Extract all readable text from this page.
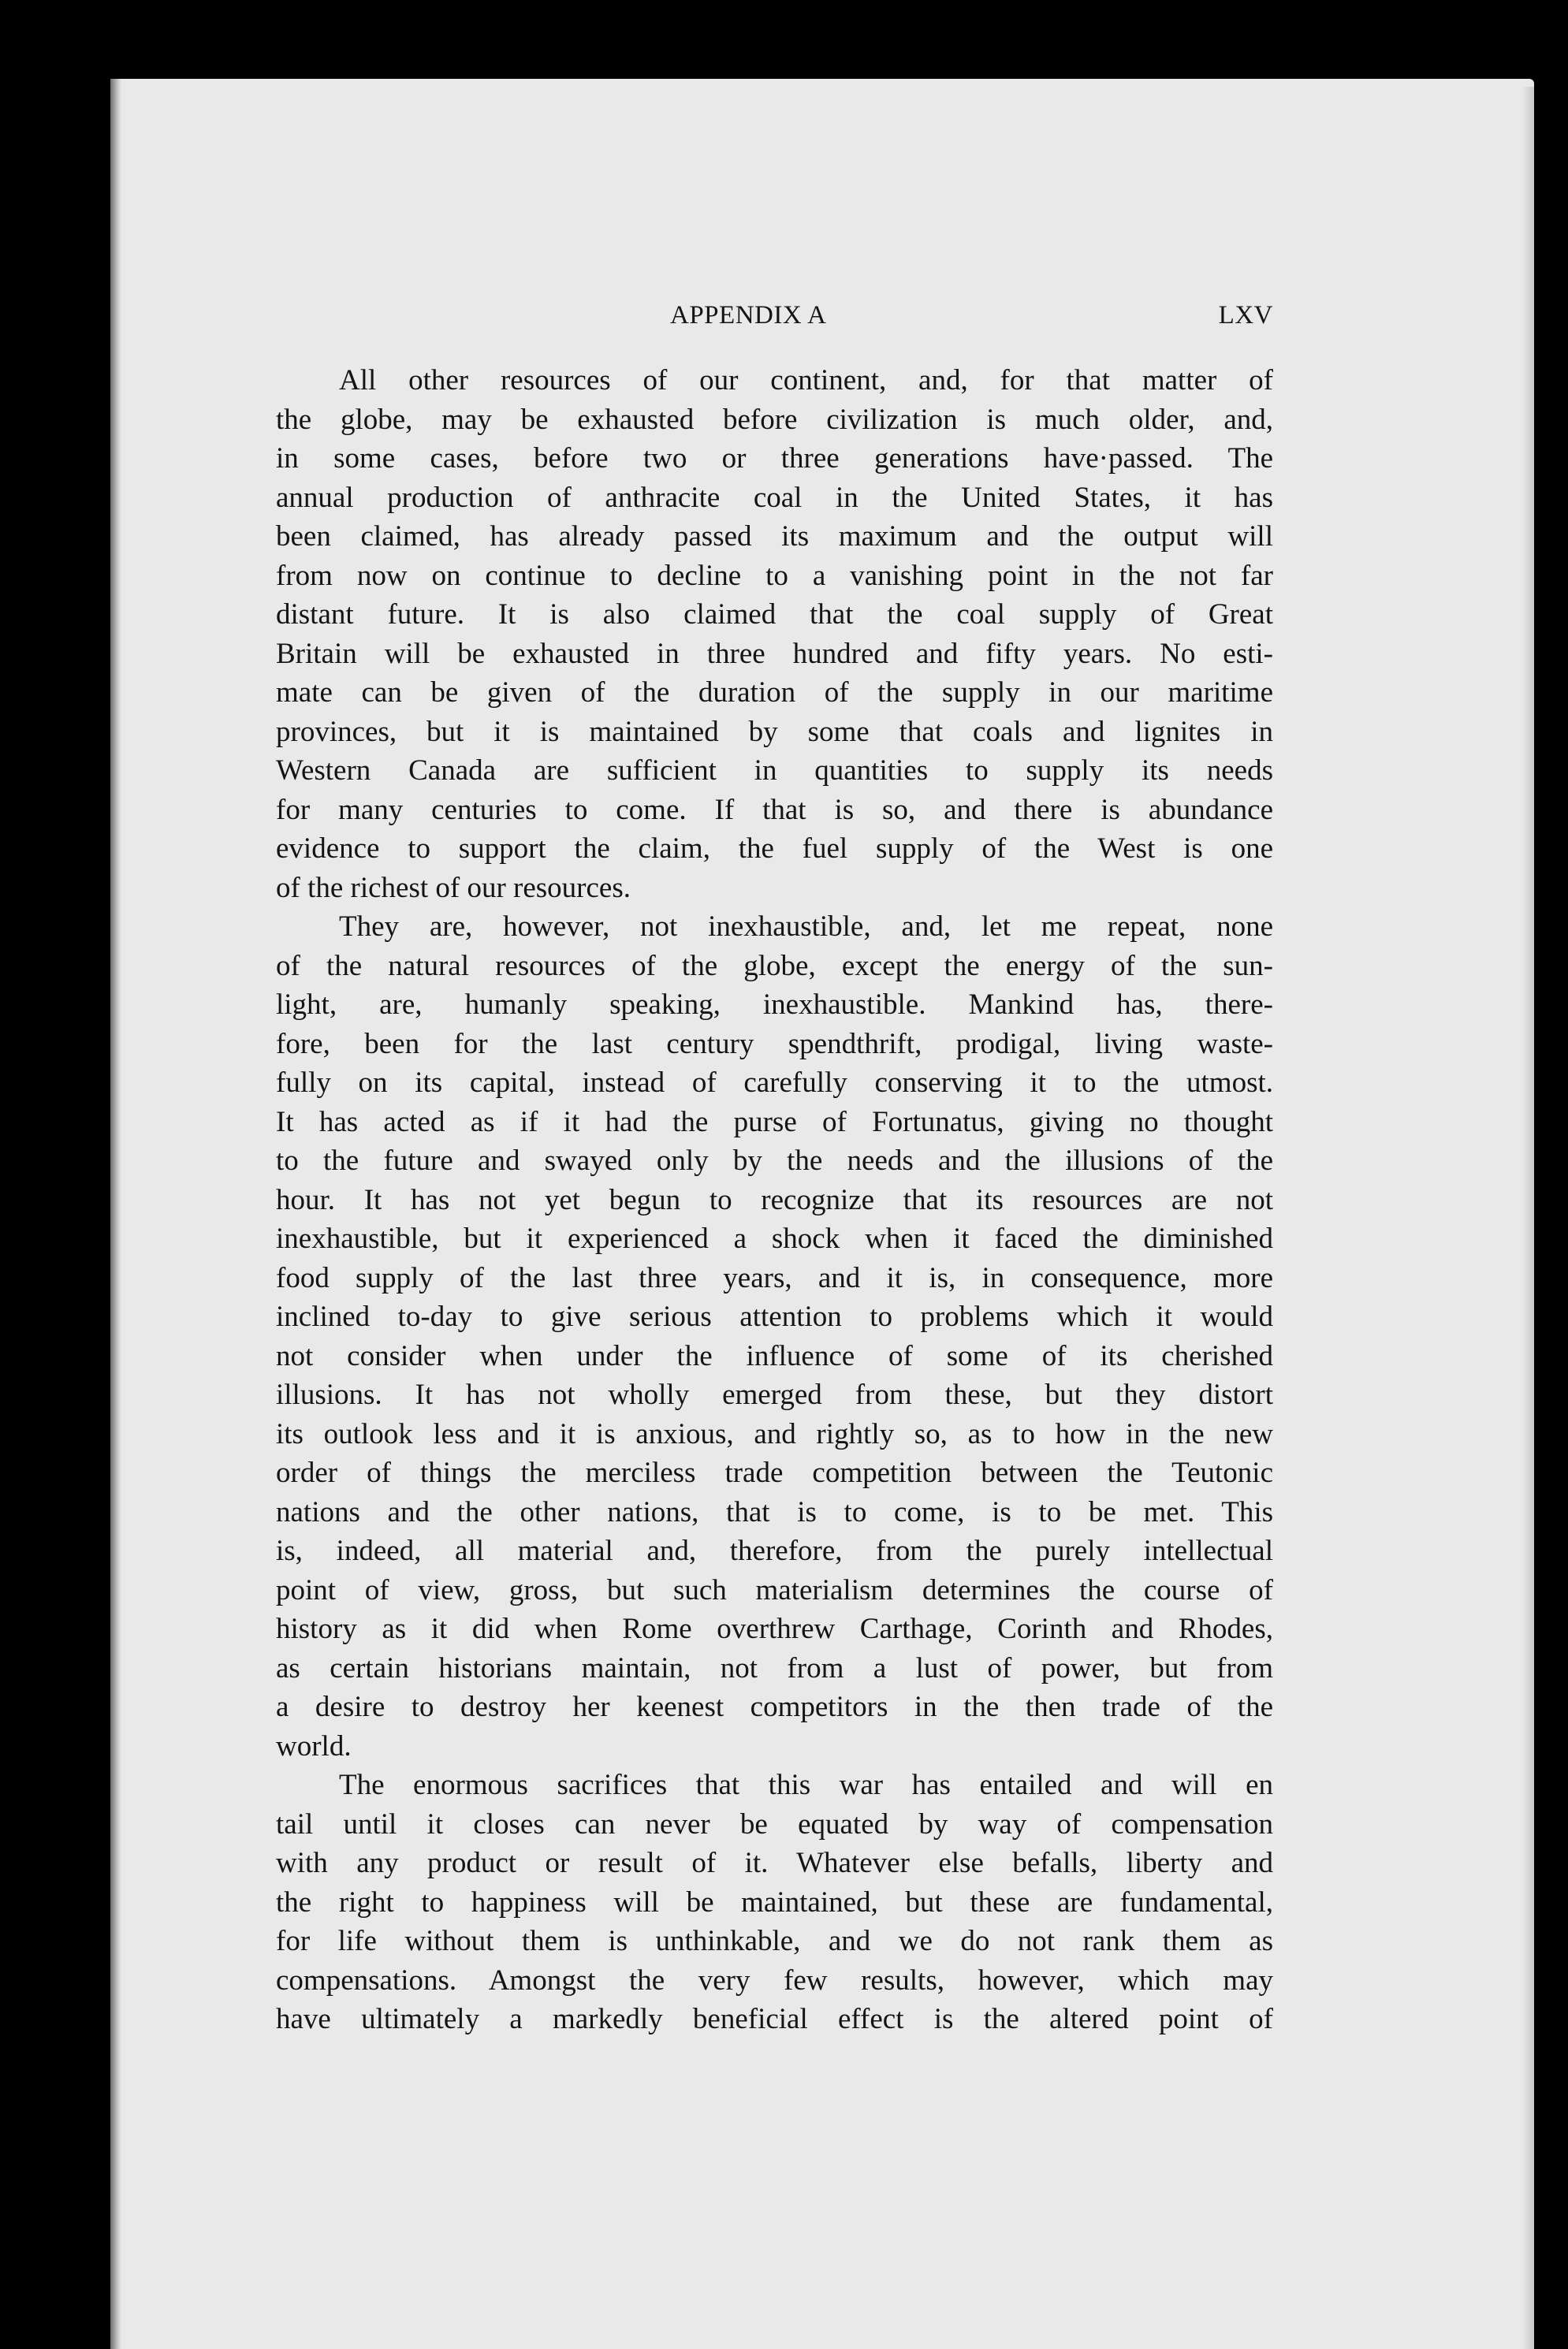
APPENDIX A	LXV

All other resources of our continent, and, for that matter of
the globe, may be exhausted before civilization is much older, and,
in some cases, before two or three generations have·passed. The
annual production of anthracite coal in the United States, it has
been claimed, has already passed its maximum and the output will
from now on continue to decline to a vanishing point in the not far
distant future. It is also claimed that the coal supply of Great
Britain will be exhausted in three hundred and fifty years. No esti-
mate can be given of the duration of the supply in our maritime
provinces, but it is maintained by some that coals and lignites in
Western Canada are sufficient in quantities to supply its needs
for many centuries to come. If that is so, and there is abundance
evidence to support the claim, the fuel supply of the West is one
of the richest of our resources.

They are, however, not inexhaustible, and, let me repeat, none
of the natural resources of the globe, except the energy of the sun-
light, are, humanly speaking, inexhaustible. Mankind has, there-
fore, been for the last century spendthrift, prodigal, living waste-
fully on its capital, instead of carefully conserving it to the utmost.
It has acted as if it had the purse of Fortunatus, giving no thought
to the future and swayed only by the needs and the illusions of the
hour. It has not yet begun to recognize that its resources are not
inexhaustible, but it experienced a shock when it faced the diminished
food supply of the last three years, and it is, in consequence, more
inclined to-day to give serious attention to problems which it would
not consider when under the influence of some of its cherished
illusions. It has not wholly emerged from these, but they distort
its outlook less and it is anxious, and rightly so, as to how in the new
order of things the merciless trade competition between the Teutonic
nations and the other nations, that is to come, is to be met. This
is, indeed, all material and, therefore, from the purely intellectual
point of view, gross, but such materialism determines the course of
history as it did when Rome overthrew Carthage, Corinth and Rhodes,
as certain historians maintain, not from a lust of power, but from
a desire to destroy her keenest competitors in the then trade of the
world.

The enormous sacrifices that this war has entailed and will en
tail until it closes can never be equated by way of compensation
with any product or result of it. Whatever else befalls, liberty and
the right to happiness will be maintained, but these are fundamental,
for life without them is unthinkable, and we do not rank them as
compensations. Amongst the very few results, however, which may
have ultimately a markedly beneficial effect is the altered point of
